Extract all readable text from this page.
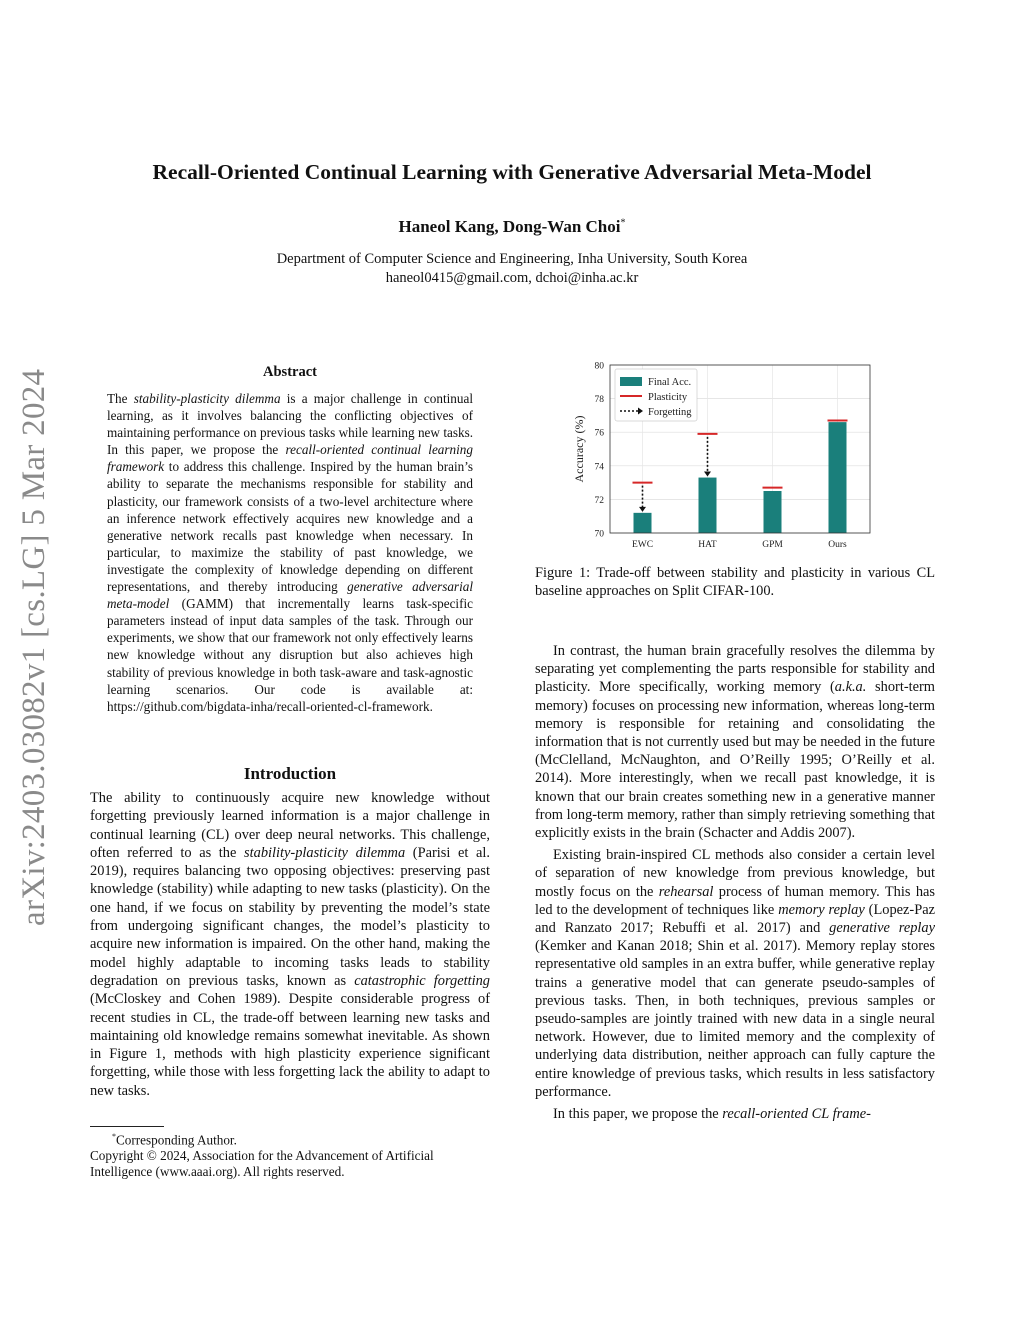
Recall-Oriented Continual Learning with Generative Adversarial Meta-Model
Haneol Kang, Dong-Wan Choi*
Department of Computer Science and Engineering, Inha University, South Korea
haneol0415@gmail.com, dchoi@inha.ac.kr
arXiv:2403.03082v1 [cs.LG] 5 Mar 2024	Abstract
The stability-plasticity dilemma is a major challenge in continual learning, as it involves balancing the conflicting objectives of maintaining performance on previous tasks while learning new tasks. In this paper, we propose the recall-oriented continual learning framework to address this challenge. Inspired by the human brain’s ability to separate the mechanisms responsible for stability and plasticity, our framework consists of a two-level architecture where an inference network effectively acquires new knowledge and a generative network recalls past knowledge when necessary. In particular, to maximize the stability of past knowledge, we investigate the complexity of knowledge depending on different representations, and thereby introducing generative adversarial meta-model (GAMM) that incrementally learns task-specific parameters instead of input data samples of the task. Through our experiments, we show that our framework not only effectively learns new knowledge without any disruption but also achieves high stability of previous knowledge in both task-aware and task-agnostic learning scenarios. Our code is available at: https://github.com/bigdata-inha/recall-oriented-cl-framework.
Introduction
The ability to continuously acquire new knowledge without forgetting previously learned information is a major challenge in continual learning (CL) over deep neural networks. This challenge, often referred to as the stability-plasticity dilemma (Parisi et al. 2019), requires balancing two opposing objectives: preserving past knowledge (stability) while adapting to new tasks (plasticity). On the one hand, if we focus on stability by preventing the model’s state from undergoing significant changes, the model’s plasticity to acquire new information is impaired. On the other hand, making the model highly adaptable to incoming tasks leads to stability degradation on previous tasks, known as catastrophic forgetting (McCloskey and Cohen 1989). Despite considerable progress of recent studies in CL, the trade-off between learning new tasks and maintaining old knowledge remains somewhat inevitable. As shown in Figure 1, methods with high plasticity experience significant forgetting, while those with less forgetting lack the ability to adapt to new tasks.
*Corresponding Author.
Copyright © 2024, Association for the Advancement of Artificial Intelligence (www.aaai.org). All rights reserved.
70
72
74
76
78
80
EWC	HAT	GPM	Ours
Accuracy (%)
Final Acc.
Plasticity
Forgetting
Figure 1: Trade-off between stability and plasticity in various CL baseline approaches on Split CIFAR-100.

In contrast, the human brain gracefully resolves the dilemma by separating yet complementing the parts responsible for stability and plasticity. More specifically, working memory (a.k.a. short-term memory) focuses on processing new information, whereas long-term memory is responsible for retaining and consolidating the information that is not currently used but may be needed in the future (McClelland, McNaughton, and O’Reilly 1995; O’Reilly et al. 2014). More interestingly, when we recall past knowledge, it is known that our brain creates something new in a generative manner from long-term memory, rather than simply retrieving something that explicitly exists in the brain (Schacter and Addis 2007).

Existing brain-inspired CL methods also consider a certain level of separation of new knowledge from previous knowledge, but mostly focus on the rehearsal process of human memory. This has led to the development of techniques like memory replay (Lopez-Paz and Ranzato 2017; Rebuffi et al. 2017) and generative replay (Kemker and Kanan 2018; Shin et al. 2017). Memory replay stores representative old samples in an extra buffer, while generative replay trains a generative model that can generate pseudo-samples of previous tasks. Then, in both techniques, previous samples or pseudo-samples are jointly trained with new data in a single neural network. However, due to limited memory and the complexity of underlying data distribution, neither approach can fully capture the entire knowledge of previous tasks, which results in less satisfactory performance.

In this paper, we propose the recall-oriented CL frame-
